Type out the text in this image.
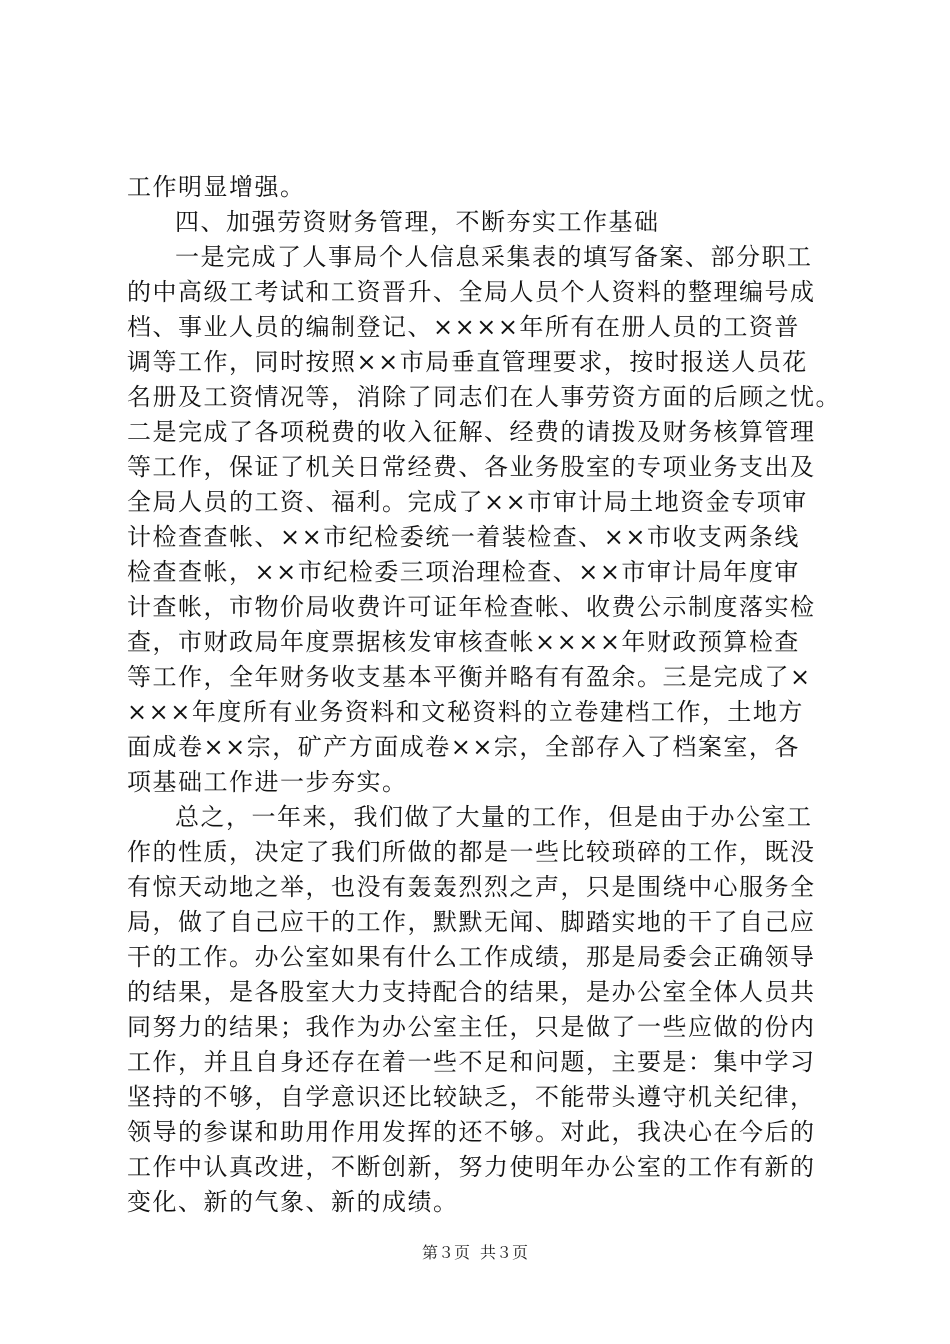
工作明显增强。
四、加强劳资财务管理，不断夯实工作基础
一是完成了人事局个人信息采集表的填写备案、部分职工
的中高级工考试和工资晋升、全局人员个人资料的整理编号成
档、事业人员的编制登记、××××年所有在册人员的工资普
调等工作，同时按照××市局垂直管理要求，按时报送人员花
名册及工资情况等，消除了同志们在人事劳资方面的后顾之忧。
二是完成了各项税费的收入征解、经费的请拨及财务核算管理
等工作，保证了机关日常经费、各业务股室的专项业务支出及
全局人员的工资、福利。完成了××市审计局土地资金专项审
计检查查帐、××市纪检委统一着装检查、××市收支两条线
检查查帐，××市纪检委三项治理检查、××市审计局年度审
计查帐，市物价局收费许可证年检查帐、收费公示制度落实检
查，市财政局年度票据核发审核查帐××××年财政预算检查
等工作，全年财务收支基本平衡并略有有盈余。三是完成了×
×××年度所有业务资料和文秘资料的立卷建档工作，土地方
面成卷××宗，矿产方面成卷××宗，全部存入了档案室，各
项基础工作进一步夯实。
总之，一年来，我们做了大量的工作，但是由于办公室工
作的性质，决定了我们所做的都是一些比较琐碎的工作，既没
有惊天动地之举，也没有轰轰烈烈之声，只是围绕中心服务全
局，做了自己应干的工作，默默无闻、脚踏实地的干了自己应
干的工作。办公室如果有什么工作成绩，那是局委会正确领导
的结果，是各股室大力支持配合的结果，是办公室全体人员共
同努力的结果；我作为办公室主任，只是做了一些应做的份内
工作，并且自身还存在着一些不足和问题，主要是：集中学习
坚持的不够，自学意识还比较缺乏，不能带头遵守机关纪律，
领导的参谋和助用作用发挥的还不够。对此，我决心在今后的
工作中认真改进，不断创新，努力使明年办公室的工作有新的
变化、新的气象、新的成绩。
第３页 共３页
